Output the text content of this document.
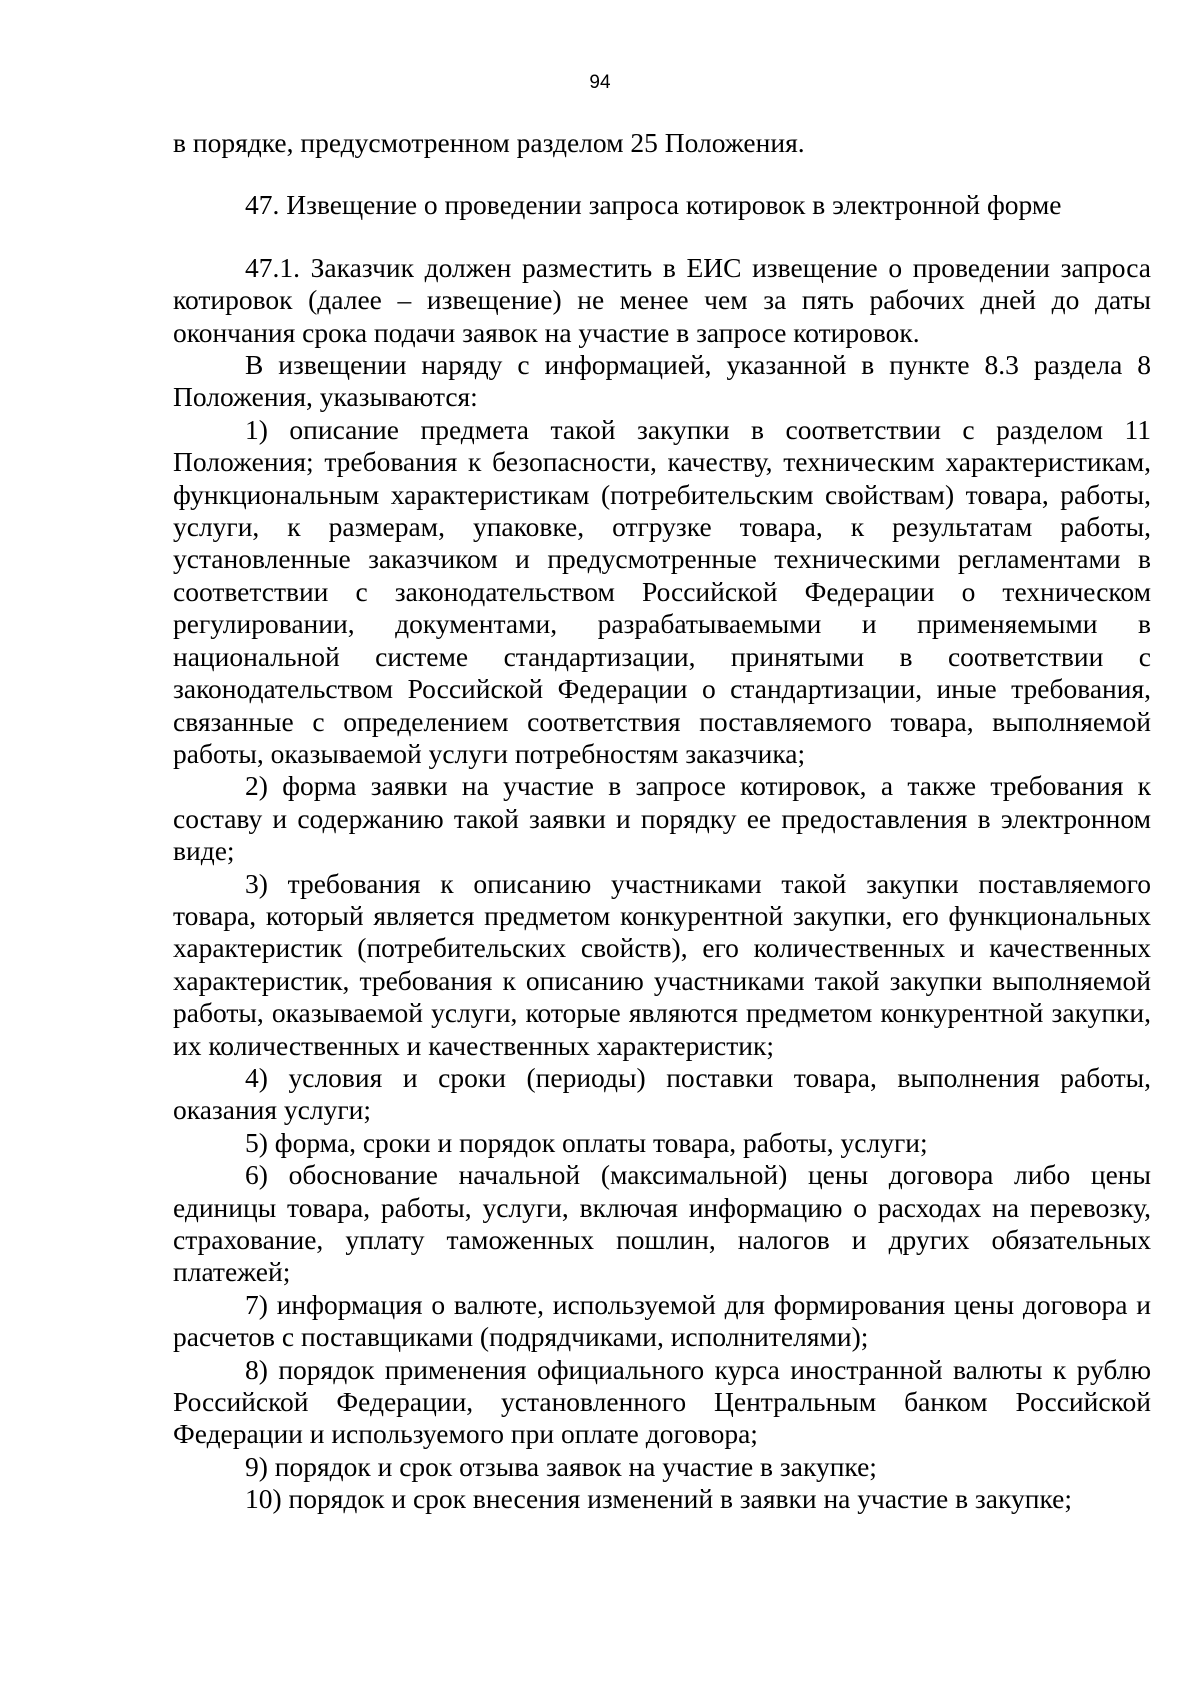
94

в порядке, предусмотренном разделом 25 Положения.

47. Извещение о проведении запроса котировок в электронной форме

47.1. Заказчик должен разместить в ЕИС извещение о проведении запроса котировок (далее – извещение) не менее чем за пять рабочих дней до даты окончания срока подачи заявок на участие в запросе котировок.

В извещении наряду с информацией, указанной в пункте 8.3 раздела 8 Положения, указываются:

1) описание предмета такой закупки в соответствии с разделом 11 Положения; требования к безопасности, качеству, техническим характеристикам, функциональным характеристикам (потребительским свойствам) товара, работы, услуги, к размерам, упаковке, отгрузке товара, к результатам работы, установленные заказчиком и предусмотренные техническими регламентами в соответствии с законодательством Российской Федерации о техническом регулировании, документами, разрабатываемыми и применяемыми в национальной системе стандартизации, принятыми в соответствии с законодательством Российской Федерации о стандартизации, иные требования, связанные с определением соответствия поставляемого товара, выполняемой работы, оказываемой услуги потребностям заказчика;

2) форма заявки на участие в запросе котировок, а также требования к составу и содержанию такой заявки и порядку ее предоставления в электронном виде;

3) требования к описанию участниками такой закупки поставляемого товара, который является предметом конкурентной закупки, его функциональных характеристик (потребительских свойств), его количественных и качественных характеристик, требования к описанию участниками такой закупки выполняемой работы, оказываемой услуги, которые являются предметом конкурентной закупки, их количественных и качественных характеристик;

4) условия и сроки (периоды) поставки товара, выполнения работы, оказания услуги;

5) форма, сроки и порядок оплаты товара, работы, услуги;

6) обоснование начальной (максимальной) цены договора либо цены единицы товара, работы, услуги, включая информацию о расходах на перевозку, страхование, уплату таможенных пошлин, налогов и других обязательных платежей;

7) информация о валюте, используемой для формирования цены договора и расчетов с поставщиками (подрядчиками, исполнителями);

8) порядок применения официального курса иностранной валюты к рублю Российской Федерации, установленного Центральным банком Российской Федерации и используемого при оплате договора;

9) порядок и срок отзыва заявок на участие в закупке;

10) порядок и срок внесения изменений в заявки на участие в закупке;
